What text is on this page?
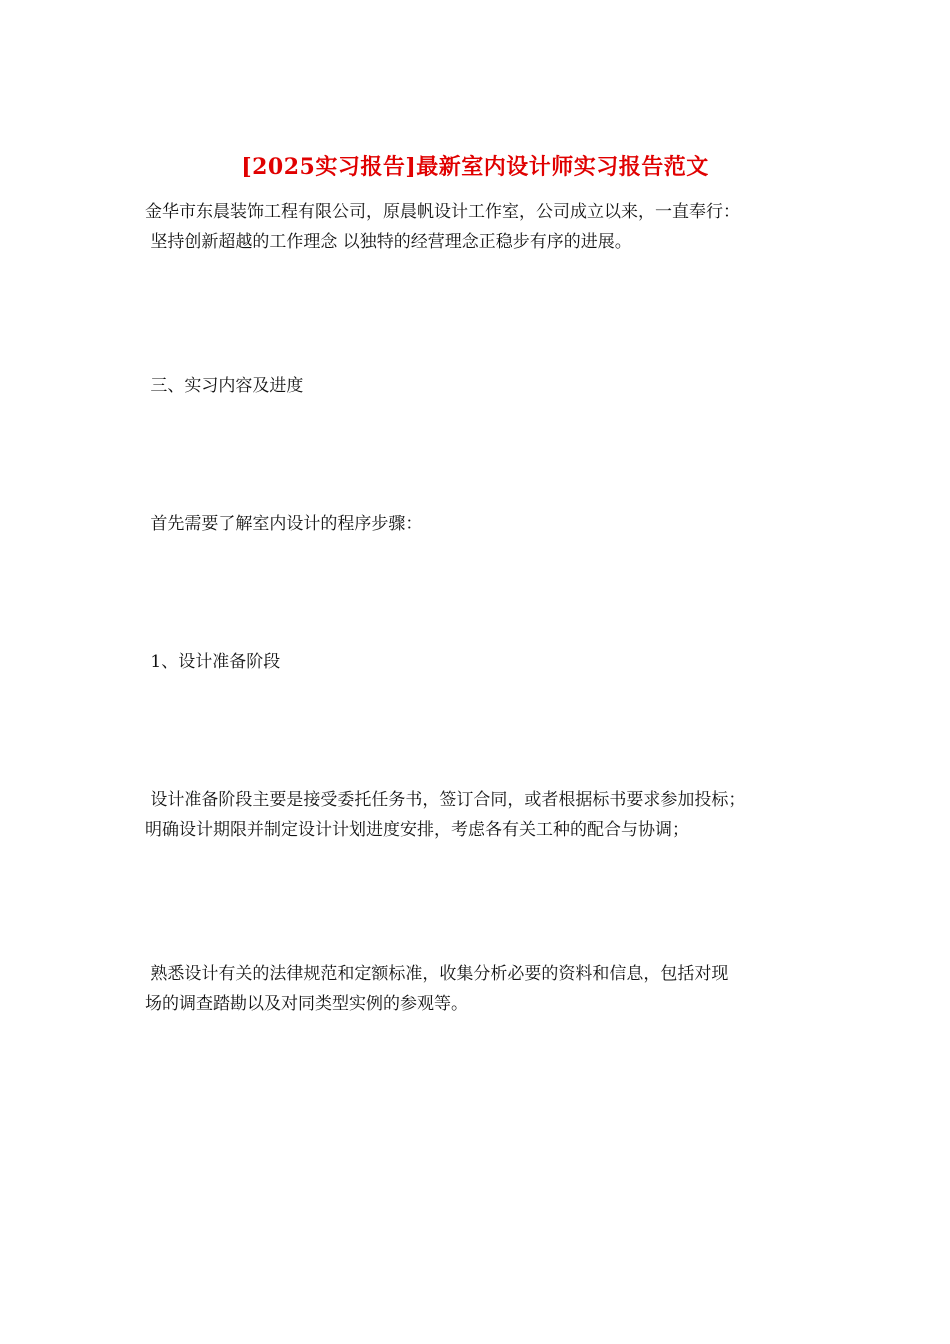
[2025实习报告]最新室内设计师实习报告范文
金华市东晨装饰工程有限公司，原晨帆设计工作室，公司成立以来，一直奉行：
坚持创新超越的工作理念 以独特的经营理念正稳步有序的进展。
三、实习内容及进度
首先需要了解室内设计的程序步骤：
1、设计准备阶段
设计准备阶段主要是接受委托任务书，签订合同，或者根据标书要求参加投标；
明确设计期限并制定设计计划进度安排，考虑各有关工种的配合与协调；
熟悉设计有关的法律规范和定额标准，收集分析必要的资料和信息，包括对现
场的调查踏勘以及对同类型实例的参观等。
